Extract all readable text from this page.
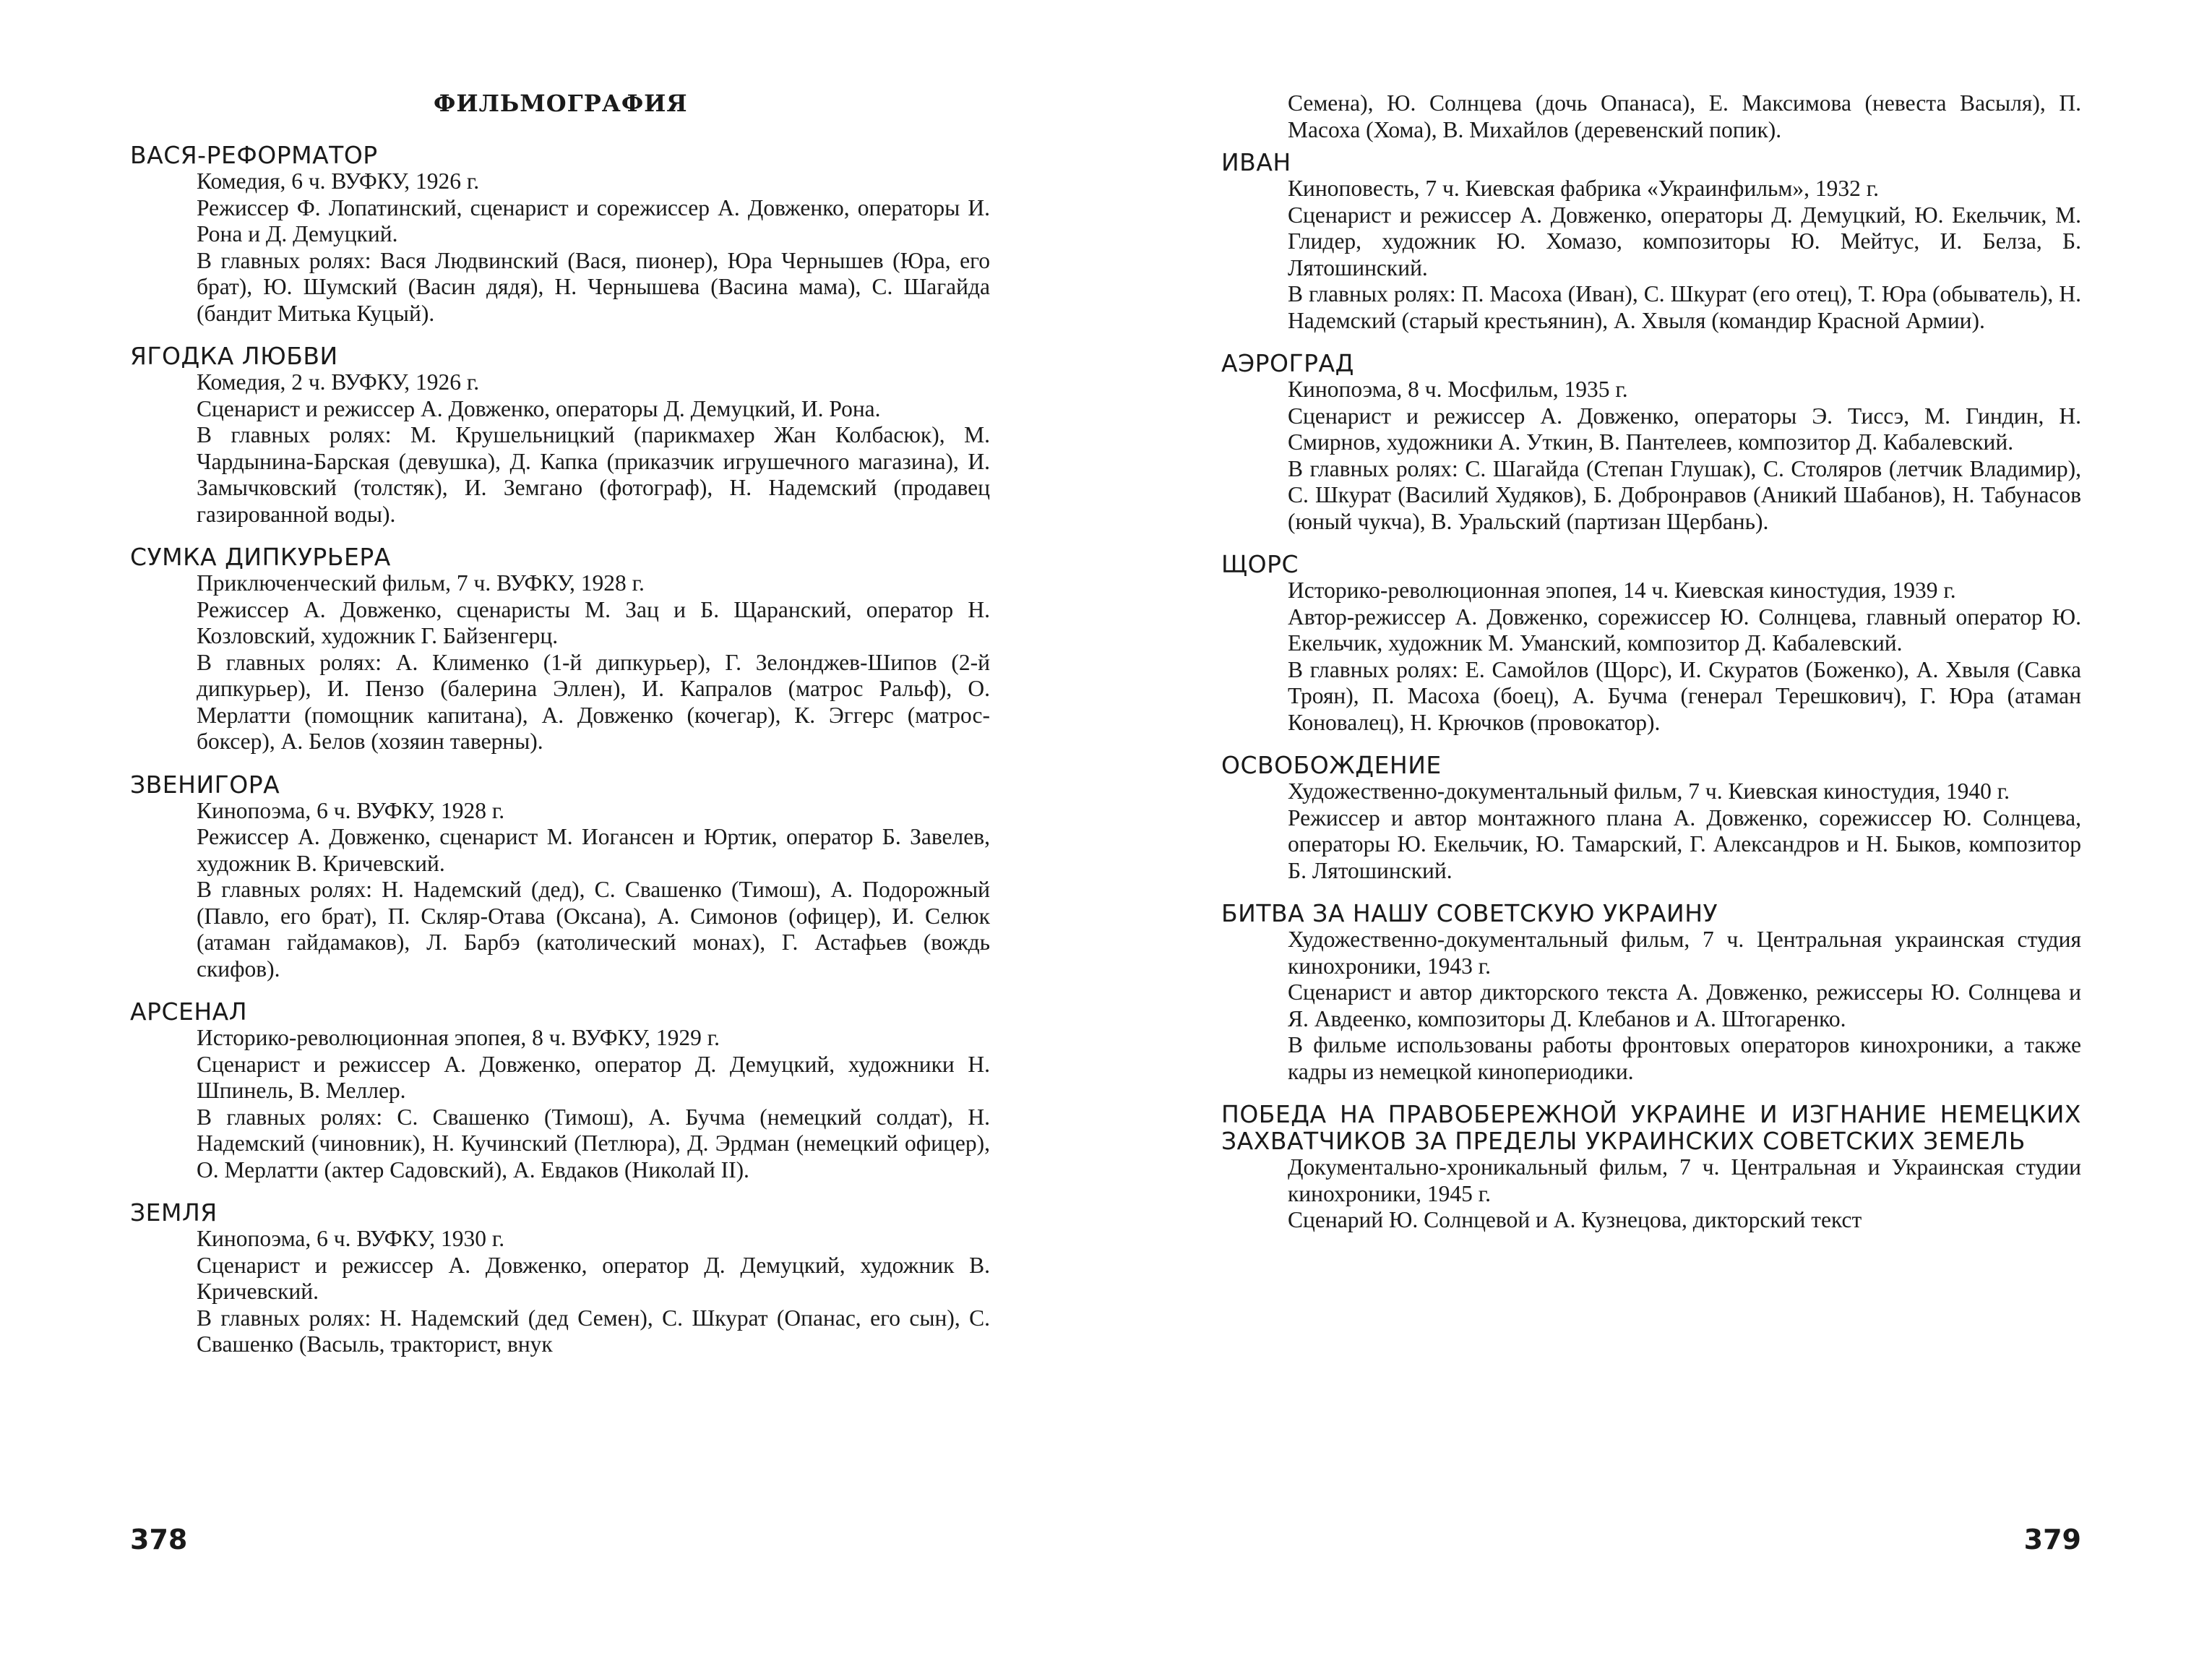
ФИЛЬМОГРАФИЯ

ВАСЯ-РЕФОРМАТОР

Комедия, 6 ч. ВУФКУ, 1926 г.

Режиссер Ф. Лопатинский, сценарист и сорежиссер А. Довженко, операторы И. Рона и Д. Демуцкий.

В главных ролях: Вася Людвинский (Вася, пионер), Юра Чернышев (Юра, его брат), Ю. Шумский (Васин дядя), Н. Чернышева (Васина мама), С. Шагайда (бандит Митька Куцый).

ЯГОДКА ЛЮБВИ

Комедия, 2 ч. ВУФКУ, 1926 г.

Сценарист и режиссер А. Довженко, операторы Д. Демуцкий, И. Рона.

В главных ролях: М. Крушельницкий (парикмахер Жан Колбасюк), М. Чардынина-Барская (девушка), Д. Капка (приказчик игрушечного магазина), И. Замычковский (толстяк), И. Земгано (фотограф), Н. Надемский (продавец газированной воды).

СУМКА ДИПКУРЬЕРА

Приключенческий фильм, 7 ч. ВУФКУ, 1928 г.

Режиссер А. Довженко, сценаристы М. Зац и Б. Щаранский, оператор Н. Козловский, художник Г. Байзенгерц.

В главных ролях: А. Клименко (1-й дипкурьер), Г. Зелонджев-Шипов (2-й дипкурьер), И. Пензо (балерина Эллен), И. Капралов (матрос Ральф), О. Мерлатти (помощник капитана), А. Довженко (кочегар), К. Эггерс (матрос-боксер), А. Белов (хозяин таверны).

ЗВЕНИГОРА

Кинопоэма, 6 ч. ВУФКУ, 1928 г.

Режиссер А. Довженко, сценарист М. Иогансен и Юртик, оператор Б. Завелев, художник В. Кричевский.

В главных ролях: Н. Надемский (дед), С. Свашенко (Тимош), А. Подорожный (Павло, его брат), П. Скляр-Отава (Оксана), А. Симонов (офицер), И. Селюк (атаман гайдамаков), Л. Барбэ (католический монах), Г. Астафьев (вождь скифов).

АРСЕНАЛ

Историко-революционная эпопея, 8 ч. ВУФКУ, 1929 г.

Сценарист и режиссер А. Довженко, оператор Д. Демуцкий, художники Н. Шпинель, В. Меллер.

В главных ролях: С. Свашенко (Тимош), А. Бучма (немецкий солдат), Н. Надемский (чиновник), Н. Кучинский (Петлюра), Д. Эрдман (немецкий офицер), О. Мерлатти (актер Садовский), А. Евдаков (Николай II).

ЗЕМЛЯ

Кинопоэма, 6 ч. ВУФКУ, 1930 г.

Сценарист и режиссер А. Довженко, оператор Д. Демуцкий, художник В. Кричевский.

В главных ролях: Н. Надемский (дед Семен), С. Шкурат (Опанас, его сын), С. Свашенко (Васыль, тракторист, внук

378

Семена), Ю. Солнцева (дочь Опанаса), Е. Максимова (невеста Васыля), П. Масоха (Хома), В. Михайлов (деревенский попик).

ИВАН

Киноповесть, 7 ч. Киевская фабрика «Украинфильм», 1932 г.

Сценарист и режиссер А. Довженко, операторы Д. Демуцкий, Ю. Екельчик, М. Глидер, художник Ю. Хомазо, композиторы Ю. Мейтус, И. Белза, Б. Лятошинский.

В главных ролях: П. Масоха (Иван), С. Шкурат (его отец), Т. Юра (обыватель), Н. Надемский (старый крестьянин), А. Хвыля (командир Красной Армии).

АЭРОГРАД

Кинопоэма, 8 ч. Мосфильм, 1935 г.

Сценарист и режиссер А. Довженко, операторы Э. Тиссэ, М. Гиндин, Н. Смирнов, художники А. Уткин, В. Пантелеев, композитор Д. Кабалевский.

В главных ролях: С. Шагайда (Степан Глушак), С. Столяров (летчик Владимир), С. Шкурат (Василий Худяков), Б. Добронравов (Аникий Шабанов), Н. Табунасов (юный чукча), В. Уральский (партизан Щербань).

ЩОРС

Историко-революционная эпопея, 14 ч. Киевская киностудия, 1939 г.

Автор-режиссер А. Довженко, сорежиссер Ю. Солнцева, главный оператор Ю. Екельчик, художник М. Уманский, композитор Д. Кабалевский.

В главных ролях: Е. Самойлов (Щорс), И. Скуратов (Боженко), А. Хвыля (Савка Троян), П. Масоха (боец), А. Бучма (генерал Терешкович), Г. Юра (атаман Коновалец), Н. Крючков (провокатор).

ОСВОБОЖДЕНИЕ

Художественно-документальный фильм, 7 ч. Киевская киностудия, 1940 г.

Режиссер и автор монтажного плана А. Довженко, сорежиссер Ю. Солнцева, операторы Ю. Екельчик, Ю. Тамарский, Г. Александров и Н. Быков, композитор Б. Лятошинский.

БИТВА ЗА НАШУ СОВЕТСКУЮ УКРАИНУ

Художественно-документальный фильм, 7 ч. Центральная украинская студия кинохроники, 1943 г.

Сценарист и автор дикторского текста А. Довженко, режиссеры Ю. Солнцева и Я. Авдеенко, композиторы Д. Клебанов и А. Штогаренко.

В фильме использованы работы фронтовых операторов кинохроники, а также кадры из немецкой кинопериодики.

ПОБЕДА НА ПРАВОБЕРЕЖНОЙ УКРАИНЕ И ИЗГНАНИЕ НЕМЕЦКИХ ЗАХВАТЧИКОВ ЗА ПРЕДЕЛЫ УКРАИНСКИХ СОВЕТСКИХ ЗЕМЕЛЬ

Документально-хроникальный фильм, 7 ч. Центральная и Украинская студии кинохроники, 1945 г.

Сценарий Ю. Солнцевой и А. Кузнецова, дикторский текст

379
